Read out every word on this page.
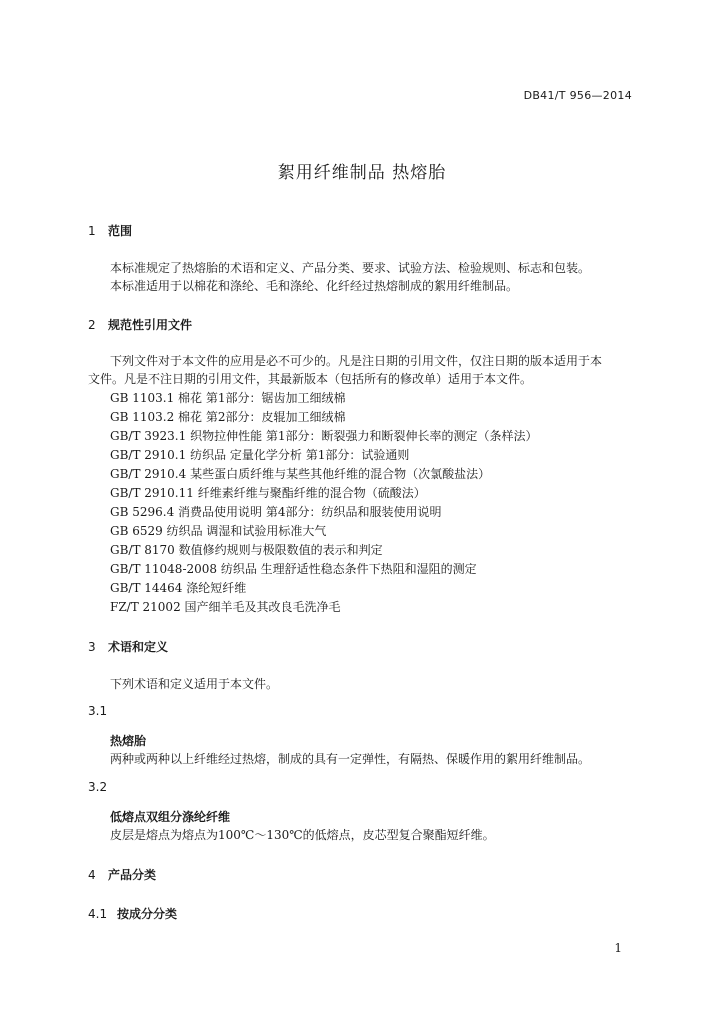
DB41/T 956—2014
絮用纤维制品 热熔胎
1 范围
本标准规定了热熔胎的术语和定义、产品分类、要求、试验方法、检验规则、标志和包装。
本标准适用于以棉花和涤纶、毛和涤纶、化纤经过热熔制成的絮用纤维制品。
2 规范性引用文件
下列文件对于本文件的应用是必不可少的。凡是注日期的引用文件，仅注日期的版本适用于本
文件。凡是不注日期的引用文件，其最新版本（包括所有的修改单）适用于本文件。
GB 1103.1 棉花 第1部分：锯齿加工细绒棉
GB 1103.2 棉花 第2部分：皮辊加工细绒棉
GB/T 3923.1 织物拉伸性能 第1部分：断裂强力和断裂伸长率的测定（条样法）
GB/T 2910.1 纺织品 定量化学分析 第1部分：试验通则
GB/T 2910.4 某些蛋白质纤维与某些其他纤维的混合物（次氯酸盐法）
GB/T 2910.11 纤维素纤维与聚酯纤维的混合物（硫酸法）
GB 5296.4 消费品使用说明 第4部分：纺织品和服装使用说明
GB 6529 纺织品 调湿和试验用标准大气
GB/T 8170 数值修约规则与极限数值的表示和判定
GB/T 11048-2008 纺织品 生理舒适性稳态条件下热阻和湿阻的测定
GB/T 14464 涤纶短纤维
FZ/T 21002 国产细羊毛及其改良毛洗净毛
3 术语和定义
下列术语和定义适用于本文件。
3.1
热熔胎
两种或两种以上纤维经过热熔，制成的具有一定弹性，有隔热、保暖作用的絮用纤维制品。
3.2
低熔点双组分涤纶纤维
皮层是熔点为熔点为100℃～130℃的低熔点，皮芯型复合聚酯短纤维。
4 产品分类
4.1 按成分分类
1
